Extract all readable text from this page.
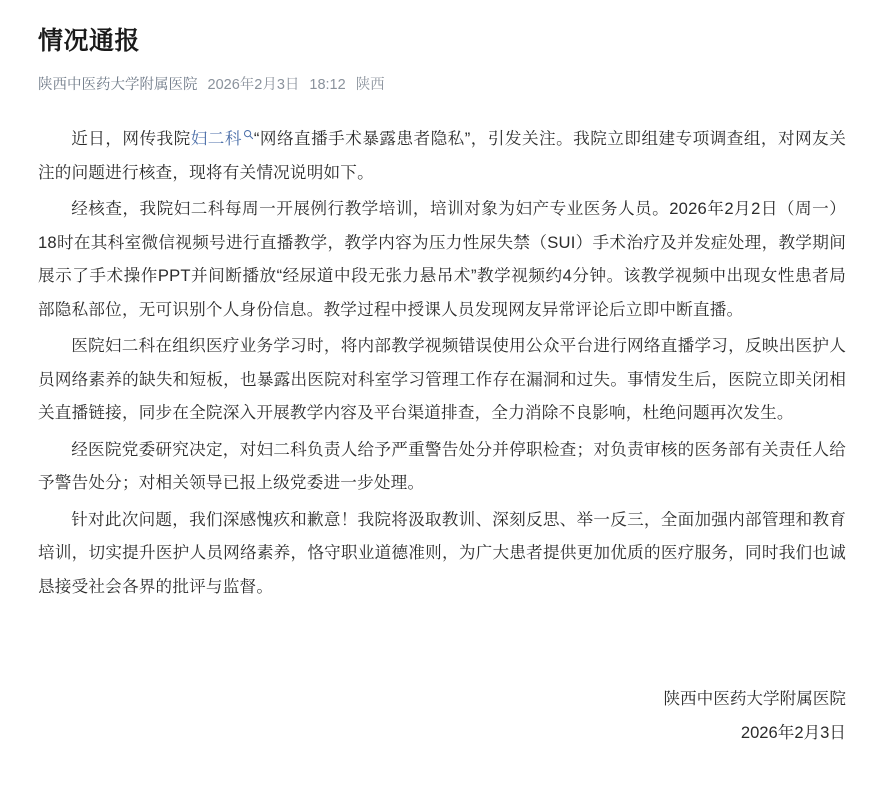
情况通报
陕西中医药大学附属医院 2026年2月3日 18:12 陕西

近日，网传我院妇二科 “网络直播手术暴露患者隐私”，引发关注。我院立即组建专项调查组，对网友关注的问题进行核查，现将有关情况说明如下。

经核查，我院妇二科每周一开展例行教学培训，培训对象为妇产专业医务人员。2026年2月2日（周一）18时在其科室微信视频号进行直播教学，教学内容为压力性尿失禁（SUI）手术治疗及并发症处理，教学期间展示了手术操作PPT并间断播放“经尿道中段无张力悬吊术”教学视频约4分钟。该教学视频中出现女性患者局部隐私部位，无可识别个人身份信息。教学过程中授课人员发现网友异常评论后立即中断直播。

医院妇二科在组织医疗业务学习时，将内部教学视频错误使用公众平台进行网络直播学习，反映出医护人员网络素养的缺失和短板，也暴露出医院对科室学习管理工作存在漏洞和过失。事情发生后，医院立即关闭相关直播链接，同步在全院深入开展教学内容及平台渠道排查，全力消除不良影响，杜绝问题再次发生。

经医院党委研究决定，对妇二科负责人给予严重警告处分并停职检查；对负责审核的医务部有关责任人给予警告处分；对相关领导已报上级党委进一步处理。

针对此次问题，我们深感愧疚和歉意！我院将汲取教训、深刻反思、举一反三，全面加强内部管理和教育培训，切实提升医护人员网络素养，恪守职业道德准则，为广大患者提供更加优质的医疗服务，同时我们也诚恳接受社会各界的批评与监督。

陕西中医药大学附属医院
2026年2月3日
